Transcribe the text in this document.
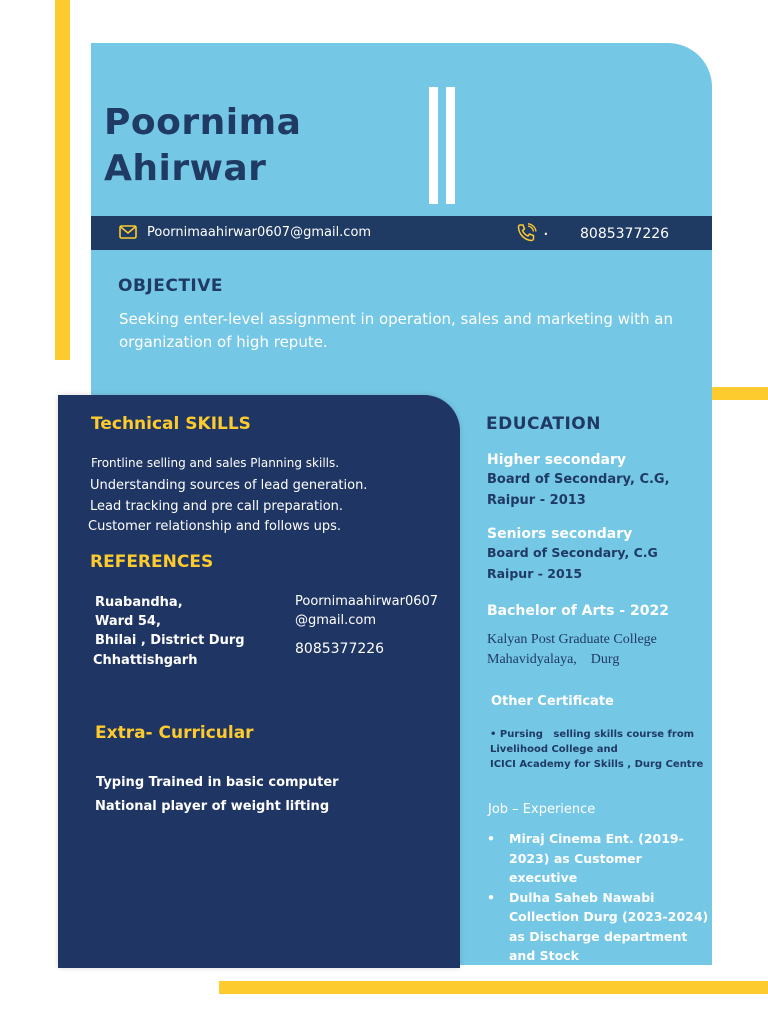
Poornima
Ahirwar
Poornimaahirwar0607@gmail.com	. 8085377226
OBJECTIVE
Seeking enter-level assignment in operation, sales and marketing with an organization of high repute.
Technical SKILLS
Frontline selling and sales Planning skills.
Understanding sources of lead generation.
Lead tracking and pre call preparation.
Customer relationship and follows ups.
REFERENCES
Ruabandha,
Ward 54,
Bhilai , District Durg
Chhattishgarh
Poornimaahirwar0607
@gmail.com
8085377226
Extra- Curricular
Typing Trained in basic computer
National player of weight lifting
EDUCATION
Higher secondary
Board of Secondary, C.G,
Raipur - 2013
Seniors secondary
Board of Secondary, C.G
Raipur - 2015
Bachelor of Arts - 2022
Kalyan Post Graduate College
Mahavidyalaya,    Durg
Other Certificate
• Pursing   selling skills course from
Livelihood College and
ICICI Academy for Skills , Durg Centre
Job – Experience
• Miraj Cinema Ent. (2019-2023) as Customer executive
• Dulha Saheb Nawabi Collection Durg (2023-2024) as Discharge department and Stock
